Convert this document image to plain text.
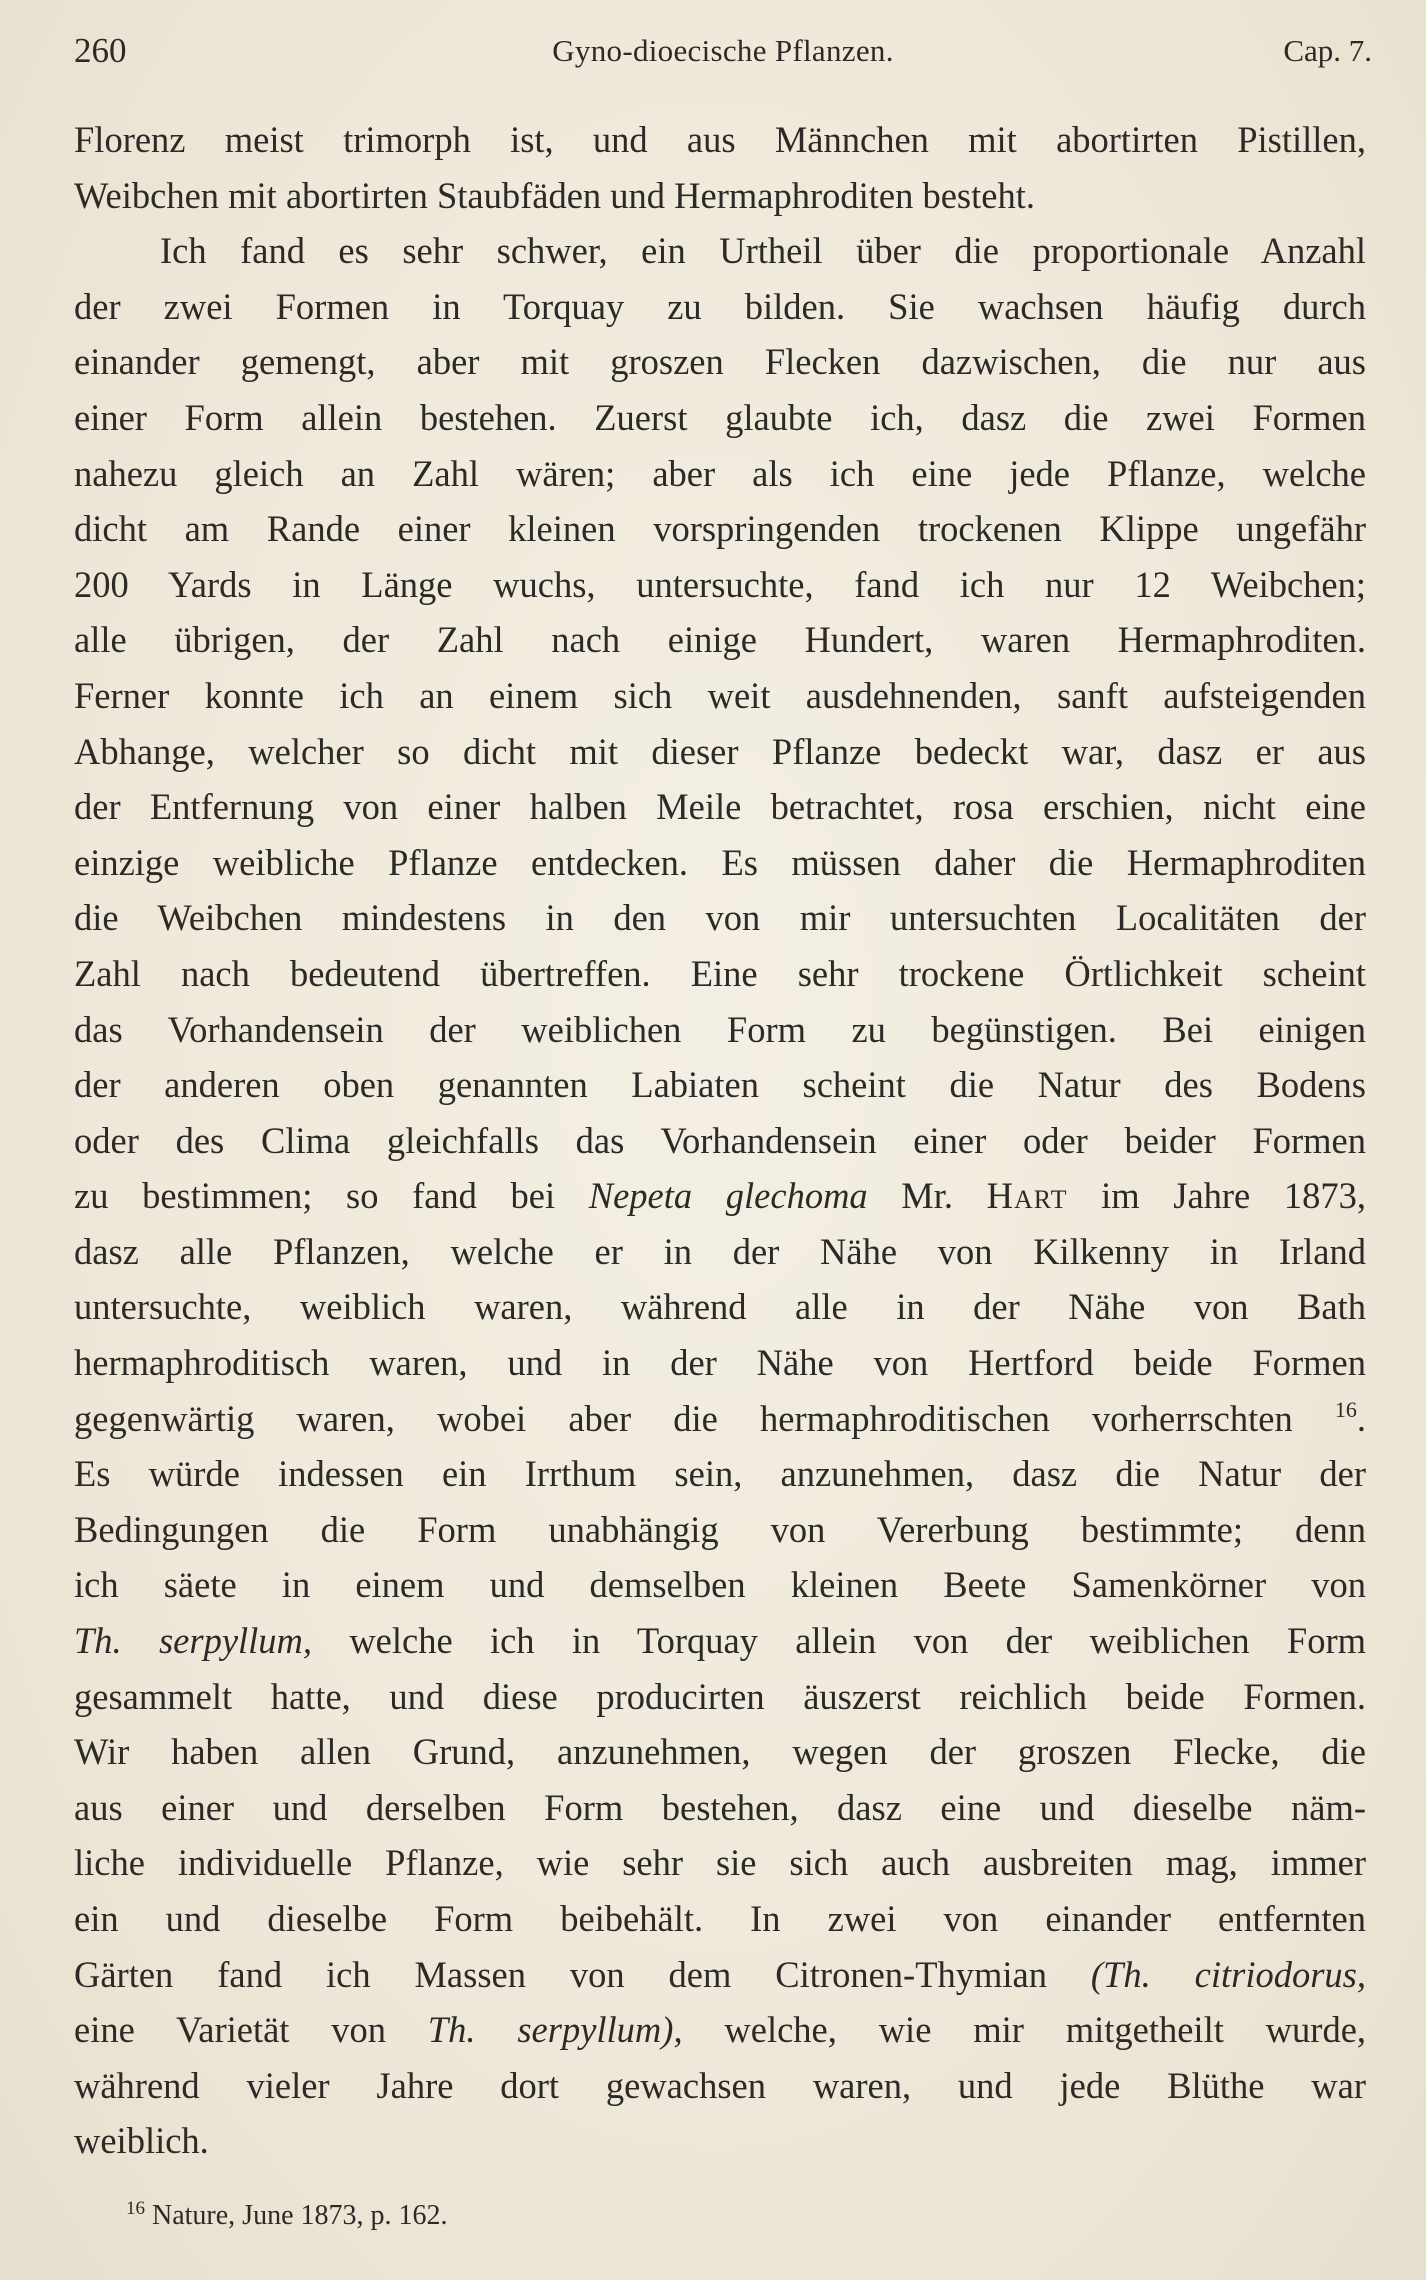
260	Gyno-dioecische Pflanzen.	Cap. 7.
Florenz meist trimorph ist, und aus Männchen mit abortirten Pistillen,
Weibchen mit abortirten Staubfäden und Hermaphroditen besteht.
Ich fand es sehr schwer, ein Urtheil über die proportionale Anzahl
der zwei Formen in Torquay zu bilden. Sie wachsen häufig durch
einander gemengt, aber mit groszen Flecken dazwischen, die nur aus
einer Form allein bestehen. Zuerst glaubte ich, dasz die zwei Formen
nahezu gleich an Zahl wären; aber als ich eine jede Pflanze, welche
dicht am Rande einer kleinen vorspringenden trockenen Klippe ungefähr
200 Yards in Länge wuchs, untersuchte, fand ich nur 12 Weibchen;
alle übrigen, der Zahl nach einige Hundert, waren Hermaphroditen.
Ferner konnte ich an einem sich weit ausdehnenden, sanft aufsteigenden
Abhange, welcher so dicht mit dieser Pflanze bedeckt war, dasz er aus
der Entfernung von einer halben Meile betrachtet, rosa erschien, nicht eine
einzige weibliche Pflanze entdecken. Es müssen daher die Hermaphroditen
die Weibchen mindestens in den von mir untersuchten Localitäten der
Zahl nach bedeutend übertreffen. Eine sehr trockene Örtlichkeit scheint
das Vorhandensein der weiblichen Form zu begünstigen. Bei einigen
der anderen oben genannten Labiaten scheint die Natur des Bodens
oder des Clima gleichfalls das Vorhandensein einer oder beider Formen
zu bestimmen; so fand bei Nepeta glechoma Mr. Hart im Jahre 1873,
dasz alle Pflanzen, welche er in der Nähe von Kilkenny in Irland
untersuchte, weiblich waren, während alle in der Nähe von Bath
hermaphroditisch waren, und in der Nähe von Hertford beide Formen
gegenwärtig waren, wobei aber die hermaphroditischen vorherrschten $^{16}$.
Es würde indessen ein Irrthum sein, anzunehmen, dasz die Natur der
Bedingungen die Form unabhängig von Vererbung bestimmte; denn
ich säete in einem und demselben kleinen Beete Samenkörner von
Th. serpyllum, welche ich in Torquay allein von der weiblichen Form
gesammelt hatte, und diese producirten äuszerst reichlich beide Formen.
Wir haben allen Grund, anzunehmen, wegen der groszen Flecke, die
aus einer und derselben Form bestehen, dasz eine und dieselbe näm-
liche individuelle Pflanze, wie sehr sie sich auch ausbreiten mag, immer
ein und dieselbe Form beibehält. In zwei von einander entfernten
Gärten fand ich Massen von dem Citronen-Thymian (Th. citriodorus,
eine Varietät von Th. serpyllum), welche, wie mir mitgetheilt wurde,
während vieler Jahre dort gewachsen waren, und jede Blüthe war
weiblich.
$^{16}$ Nature, June 1873, p. 162.
